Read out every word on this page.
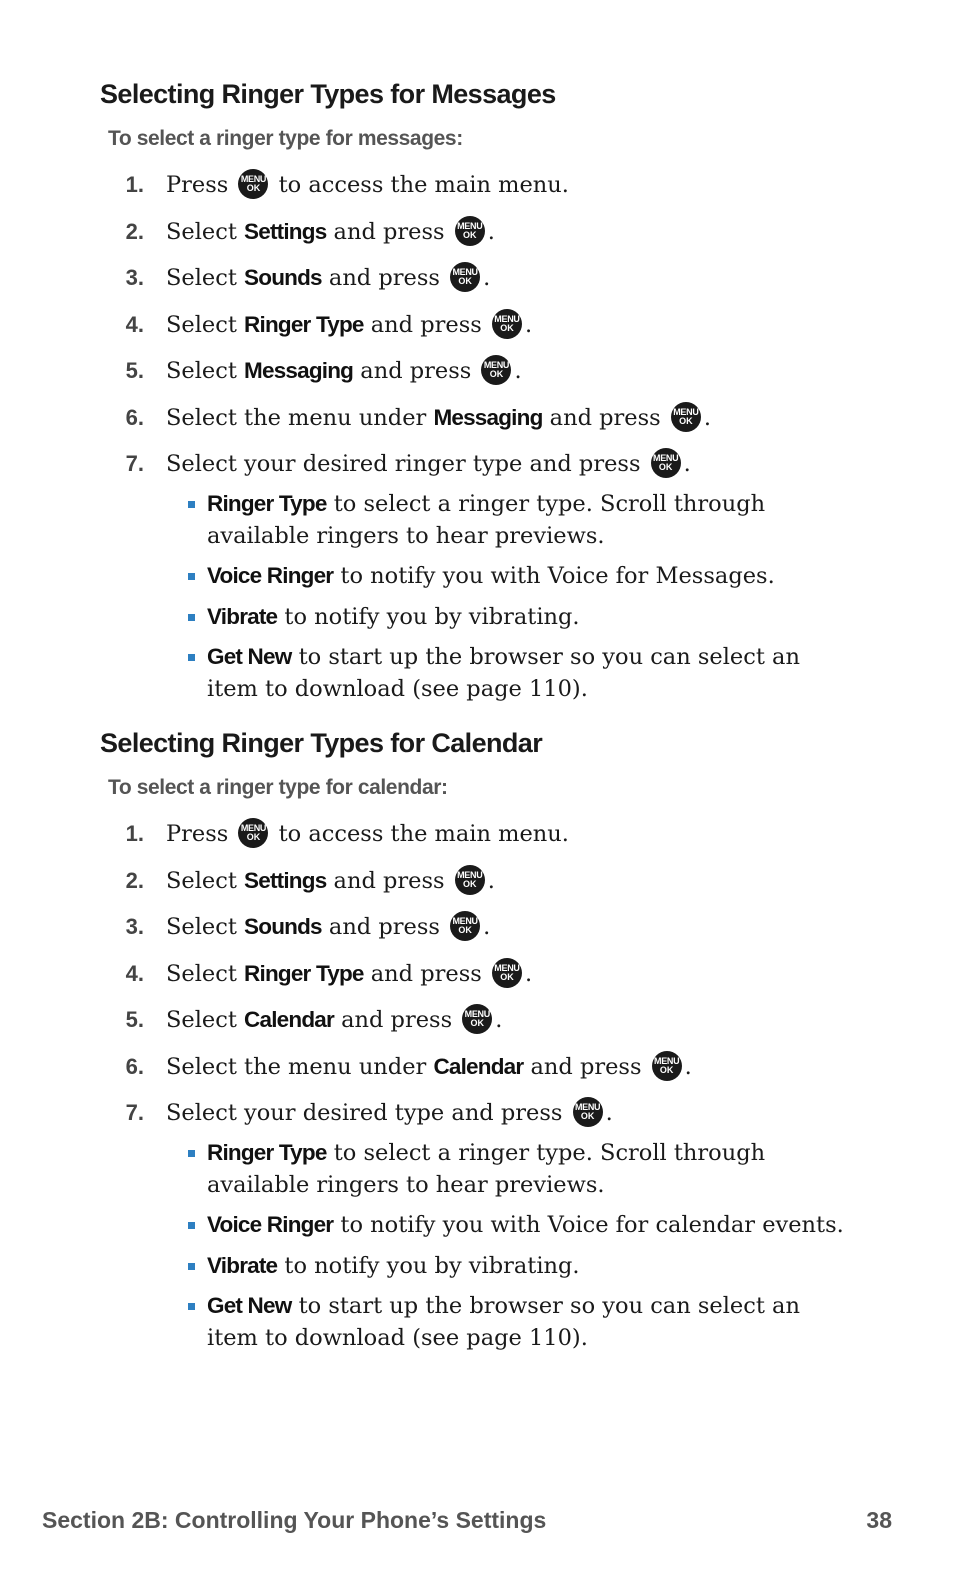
Selecting Ringer Types for Messages

To select a ringer type for messages:

1. Press MENU
OK to access the main menu.
2. Select Settings and press MENU
OK .
3. Select Sounds and press MENU
OK .
4. Select Ringer Type and press MENU
OK .
5. Select Messaging and press MENU
OK .
6. Select the menu under Messaging and press MENU
OK .
7. Select your desired ringer type and press MENU
OK .
Ringer Type to select a ringer type. Scroll through available ringers to hear previews.
Voice Ringer to notify you with Voice for Messages.
Vibrate to notify you by vibrating.
Get New to start up the browser so you can select an item to download (see page 110).
Selecting Ringer Types for Calendar

To select a ringer type for calendar:

1. Press MENU
OK to access the main menu.
2. Select Settings and press MENU
OK .
3. Select Sounds and press MENU
OK .
4. Select Ringer Type and press MENU
OK .
5. Select Calendar and press MENU
OK .
6. Select the menu under Calendar and press MENU
OK .
7. Select your desired type and press MENU
OK .
Ringer Type to select a ringer type. Scroll through available ringers to hear previews.
Voice Ringer to notify you with Voice for calendar events.
Vibrate to notify you by vibrating.
Get New to start up the browser so you can select an item to download (see page 110).
Section 2B: Controlling Your Phone’s Settings	38
